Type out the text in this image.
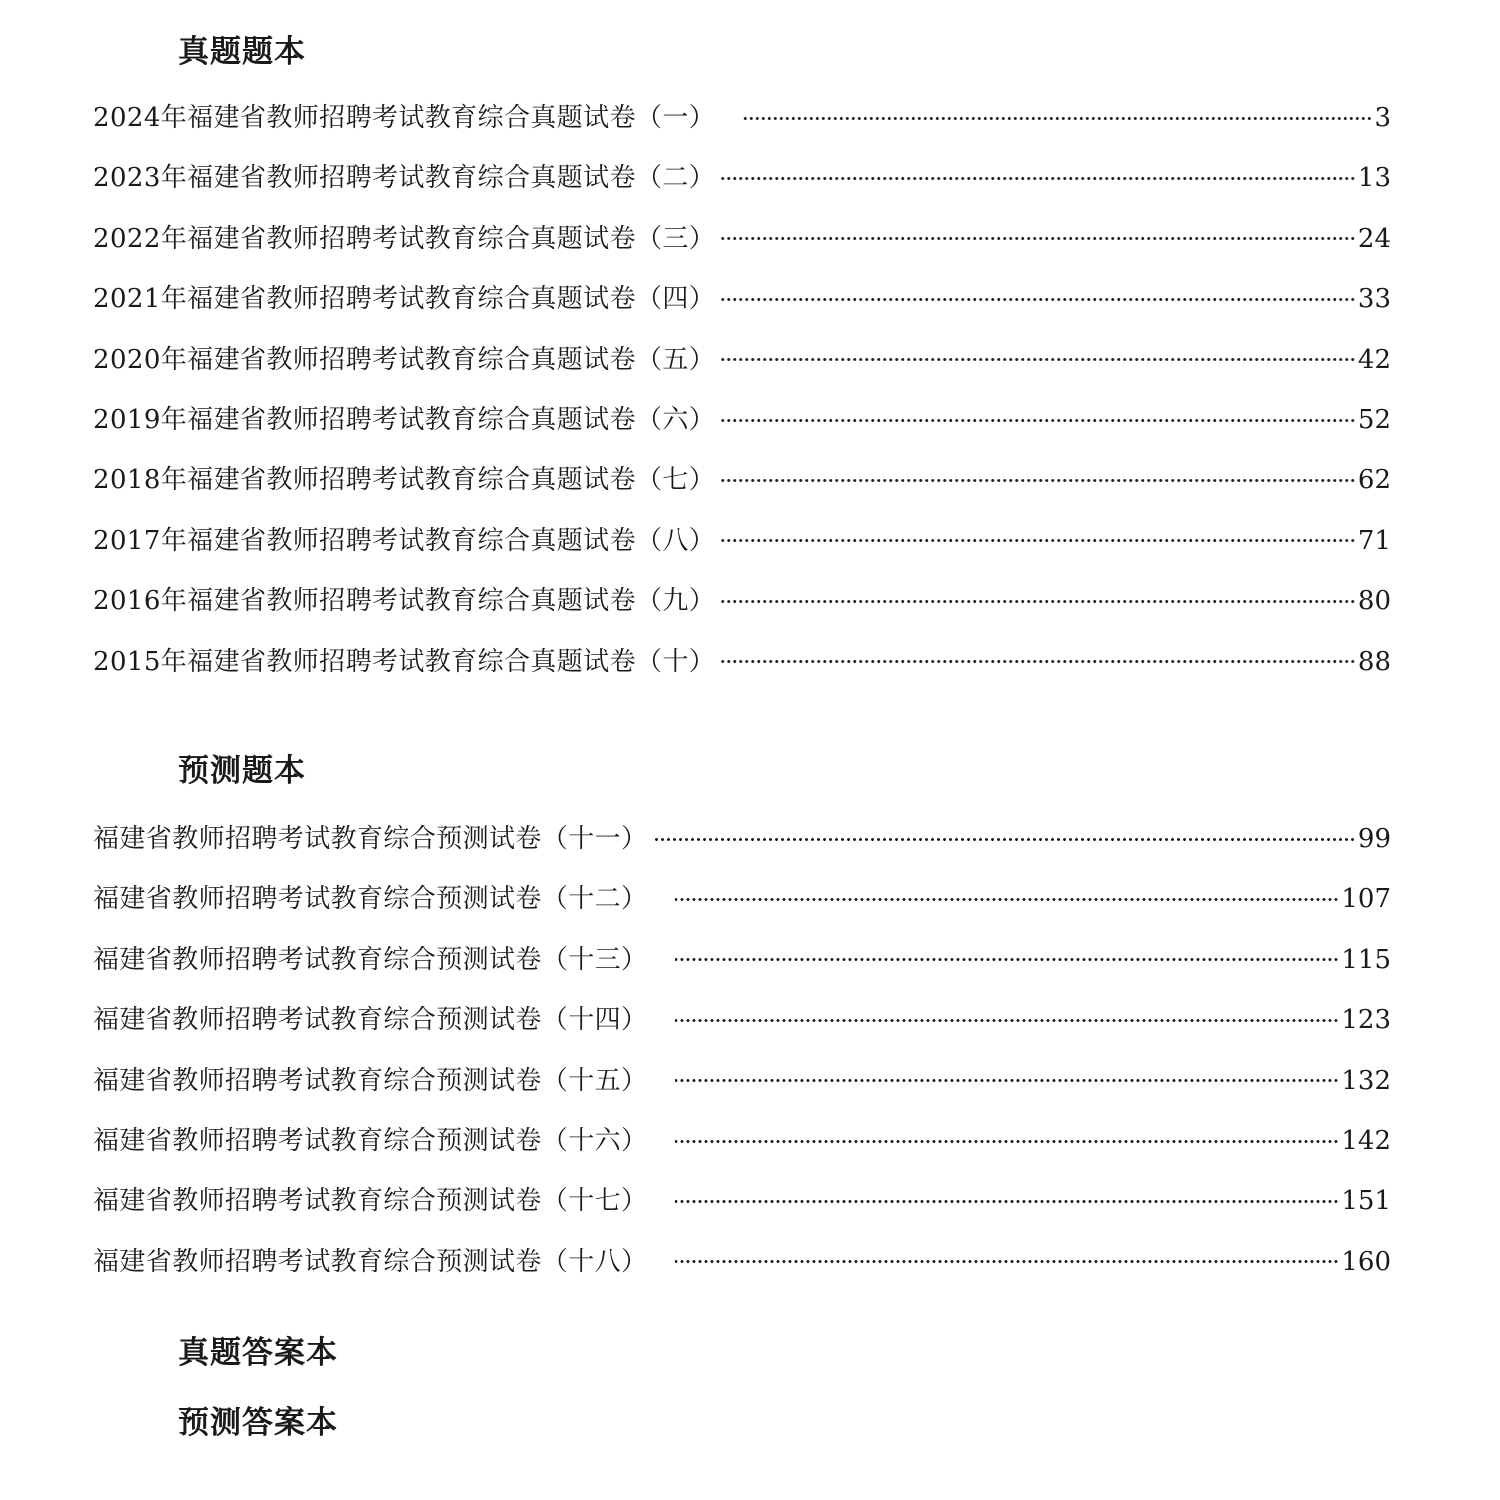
真题题本
2024年福建省教师招聘考试教育综合真题试卷（一）	3
2023年福建省教师招聘考试教育综合真题试卷（二）	13
2022年福建省教师招聘考试教育综合真题试卷（三）	24
2021年福建省教师招聘考试教育综合真题试卷（四）	33
2020年福建省教师招聘考试教育综合真题试卷（五）	42
2019年福建省教师招聘考试教育综合真题试卷（六）	52
2018年福建省教师招聘考试教育综合真题试卷（七）	62
2017年福建省教师招聘考试教育综合真题试卷（八）	71
2016年福建省教师招聘考试教育综合真题试卷（九）	80
2015年福建省教师招聘考试教育综合真题试卷（十）	88
预测题本
福建省教师招聘考试教育综合预测试卷（十一）	99
福建省教师招聘考试教育综合预测试卷（十二）	107
福建省教师招聘考试教育综合预测试卷（十三）	115
福建省教师招聘考试教育综合预测试卷（十四）	123
福建省教师招聘考试教育综合预测试卷（十五）	132
福建省教师招聘考试教育综合预测试卷（十六）	142
福建省教师招聘考试教育综合预测试卷（十七）	151
福建省教师招聘考试教育综合预测试卷（十八）	160
真题答案本
预测答案本
